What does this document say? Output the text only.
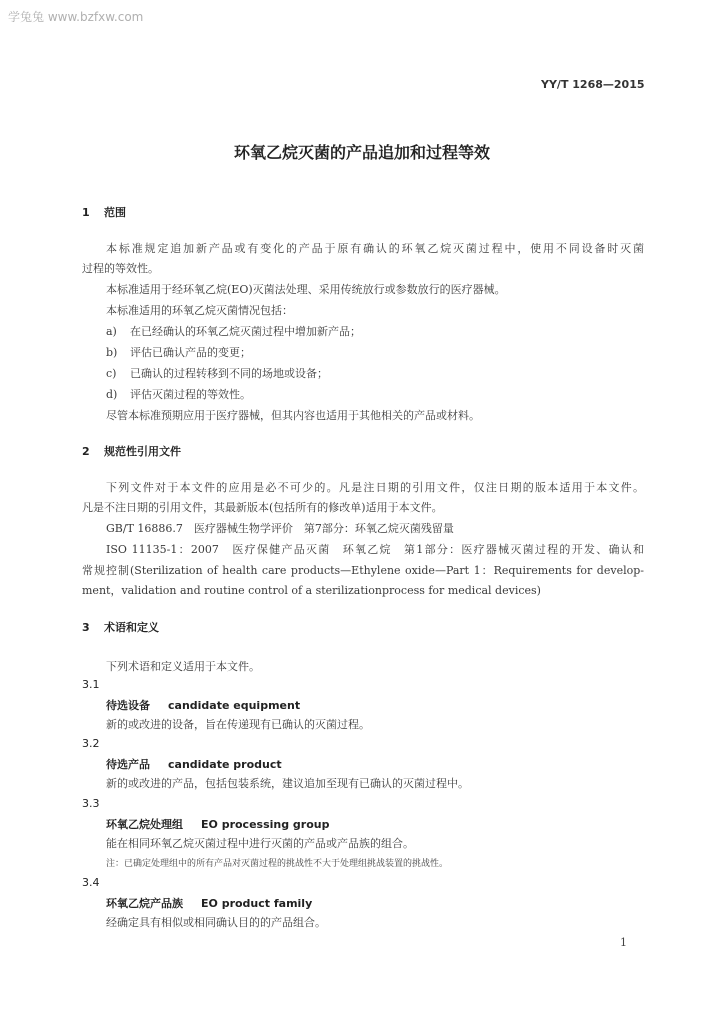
学兔兔 www.bzfxw.com
YY/T 1268—2015
环氧乙烷灭菌的产品追加和过程等效
1 范围
本标准规定追加新产品或有变化的产品于原有确认的环氧乙烷灭菌过程中，使用不同设备时灭菌
过程的等效性。
本标准适用于经环氧乙烷(EO)灭菌法处理、采用传统放行或参数放行的医疗器械。
本标准适用的环氧乙烷灭菌情况包括：
a) 在已经确认的环氧乙烷灭菌过程中增加新产品；
b) 评估已确认产品的变更；
c) 已确认的过程转移到不同的场地或设备；
d) 评估灭菌过程的等效性。
尽管本标准预期应用于医疗器械，但其内容也适用于其他相关的产品或材料。
2 规范性引用文件
下列文件对于本文件的应用是必不可少的。凡是注日期的引用文件，仅注日期的版本适用于本文件。
凡是不注日期的引用文件，其最新版本(包括所有的修改单)适用于本文件。
GB/T 16886.7　医疗器械生物学评价　第7部分：环氧乙烷灭菌残留量
ISO 11135-1：2007　医疗保健产品灭菌　环氧乙烷　第1部分：医疗器械灭菌过程的开发、确认和
常规控制(Sterilization of health care products—Ethylene oxide—Part 1：Requirements for develop-
ment，validation and routine control of a sterilizationprocess for medical devices)
3 术语和定义
下列术语和定义适用于本文件。
3.1
待选设备 candidate equipment
新的或改进的设备，旨在传递现有已确认的灭菌过程。
3.2
待选产品 candidate product
新的或改进的产品，包括包装系统，建议追加至现有已确认的灭菌过程中。
3.3
环氧乙烷处理组 EO processing group
能在相同环氧乙烷灭菌过程中进行灭菌的产品或产品族的组合。
注：已确定处理组中的所有产品对灭菌过程的挑战性不大于处理组挑战装置的挑战性。
3.4
环氧乙烷产品族 EO product family
经确定具有相似或相同确认目的的产品组合。
1
